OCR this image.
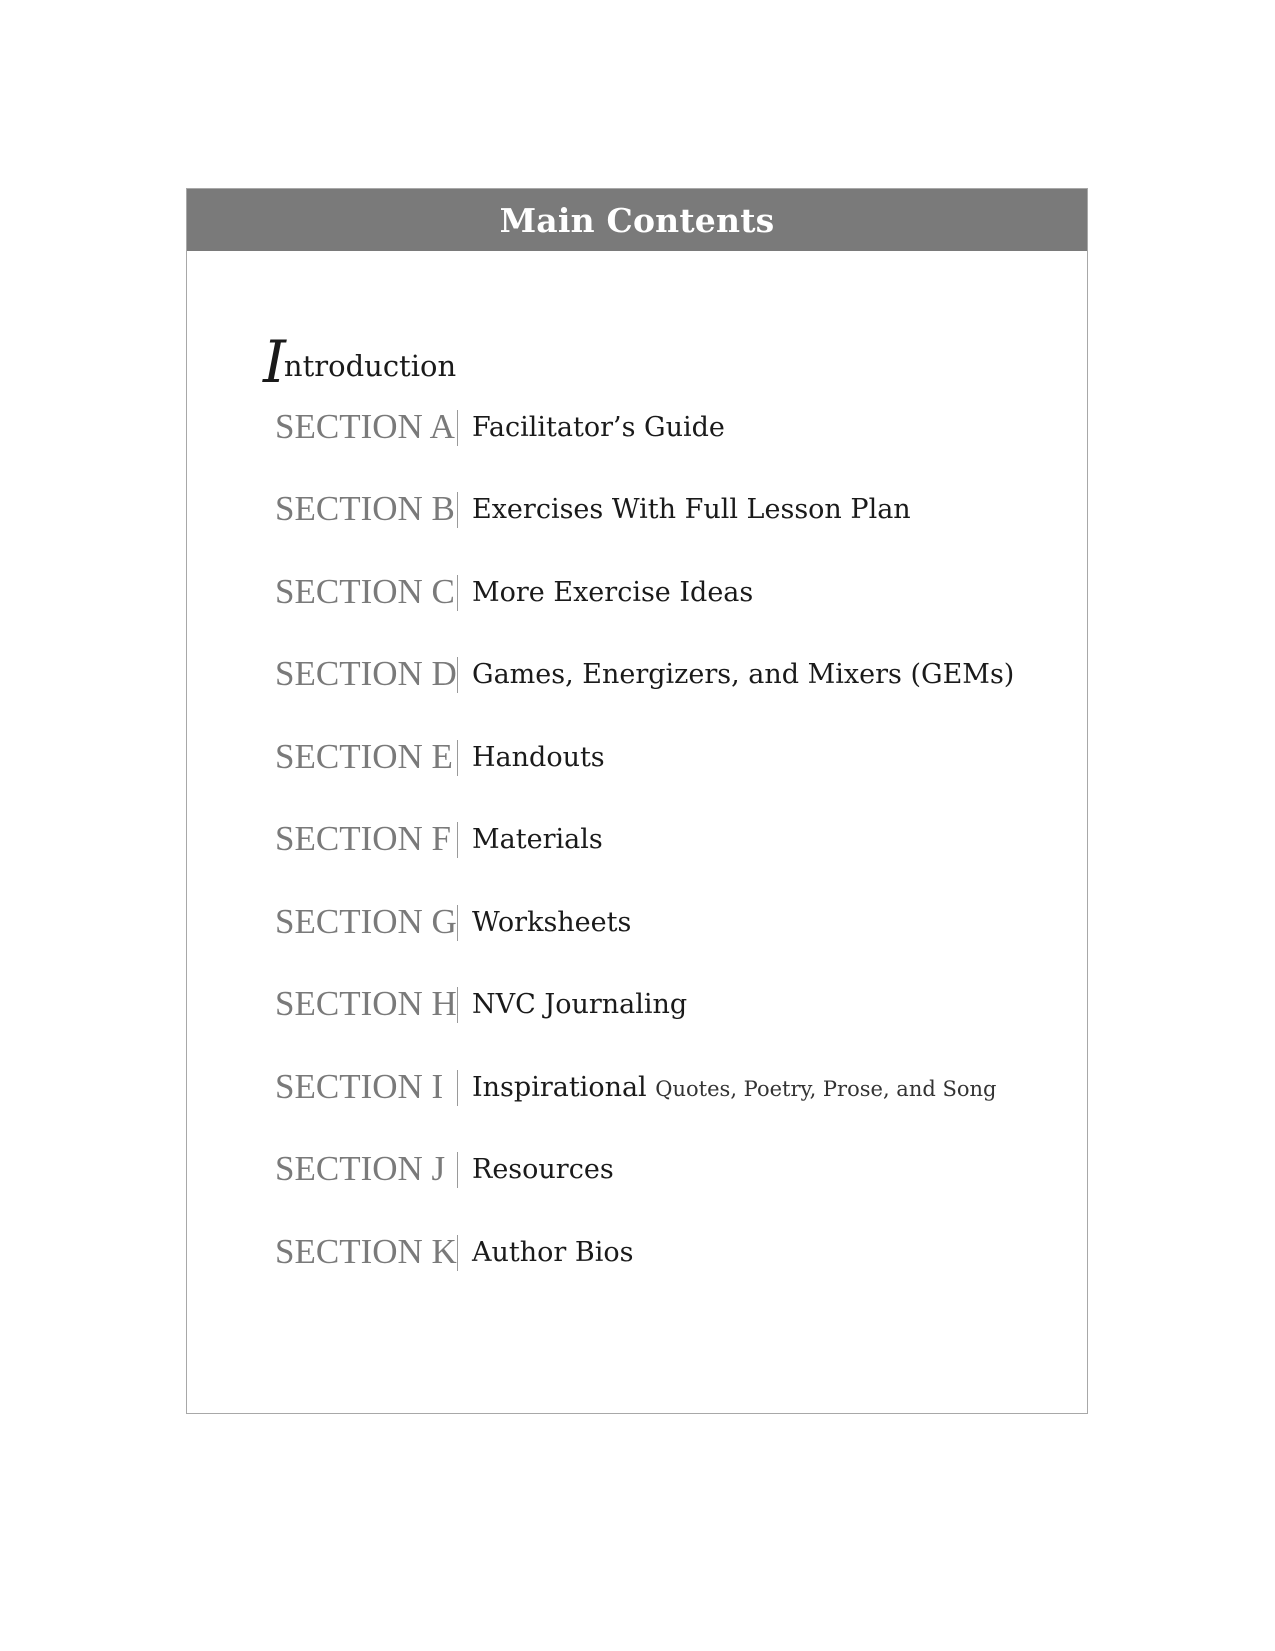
Main Contents
I
ntroduction
SECTION A Facilitator’s Guide
SECTION B Exercises With Full Lesson Plan
SECTION C More Exercise Ideas
SECTION D Games, Energizers, and Mixers (GEMs)
SECTION E Handouts
SECTION F Materials
SECTION G Worksheets
SECTION H NVC Journaling
SECTION I Inspirational Quotes, Poetry, Prose, and Song
SECTION J Resources
SECTION K Author Bios
